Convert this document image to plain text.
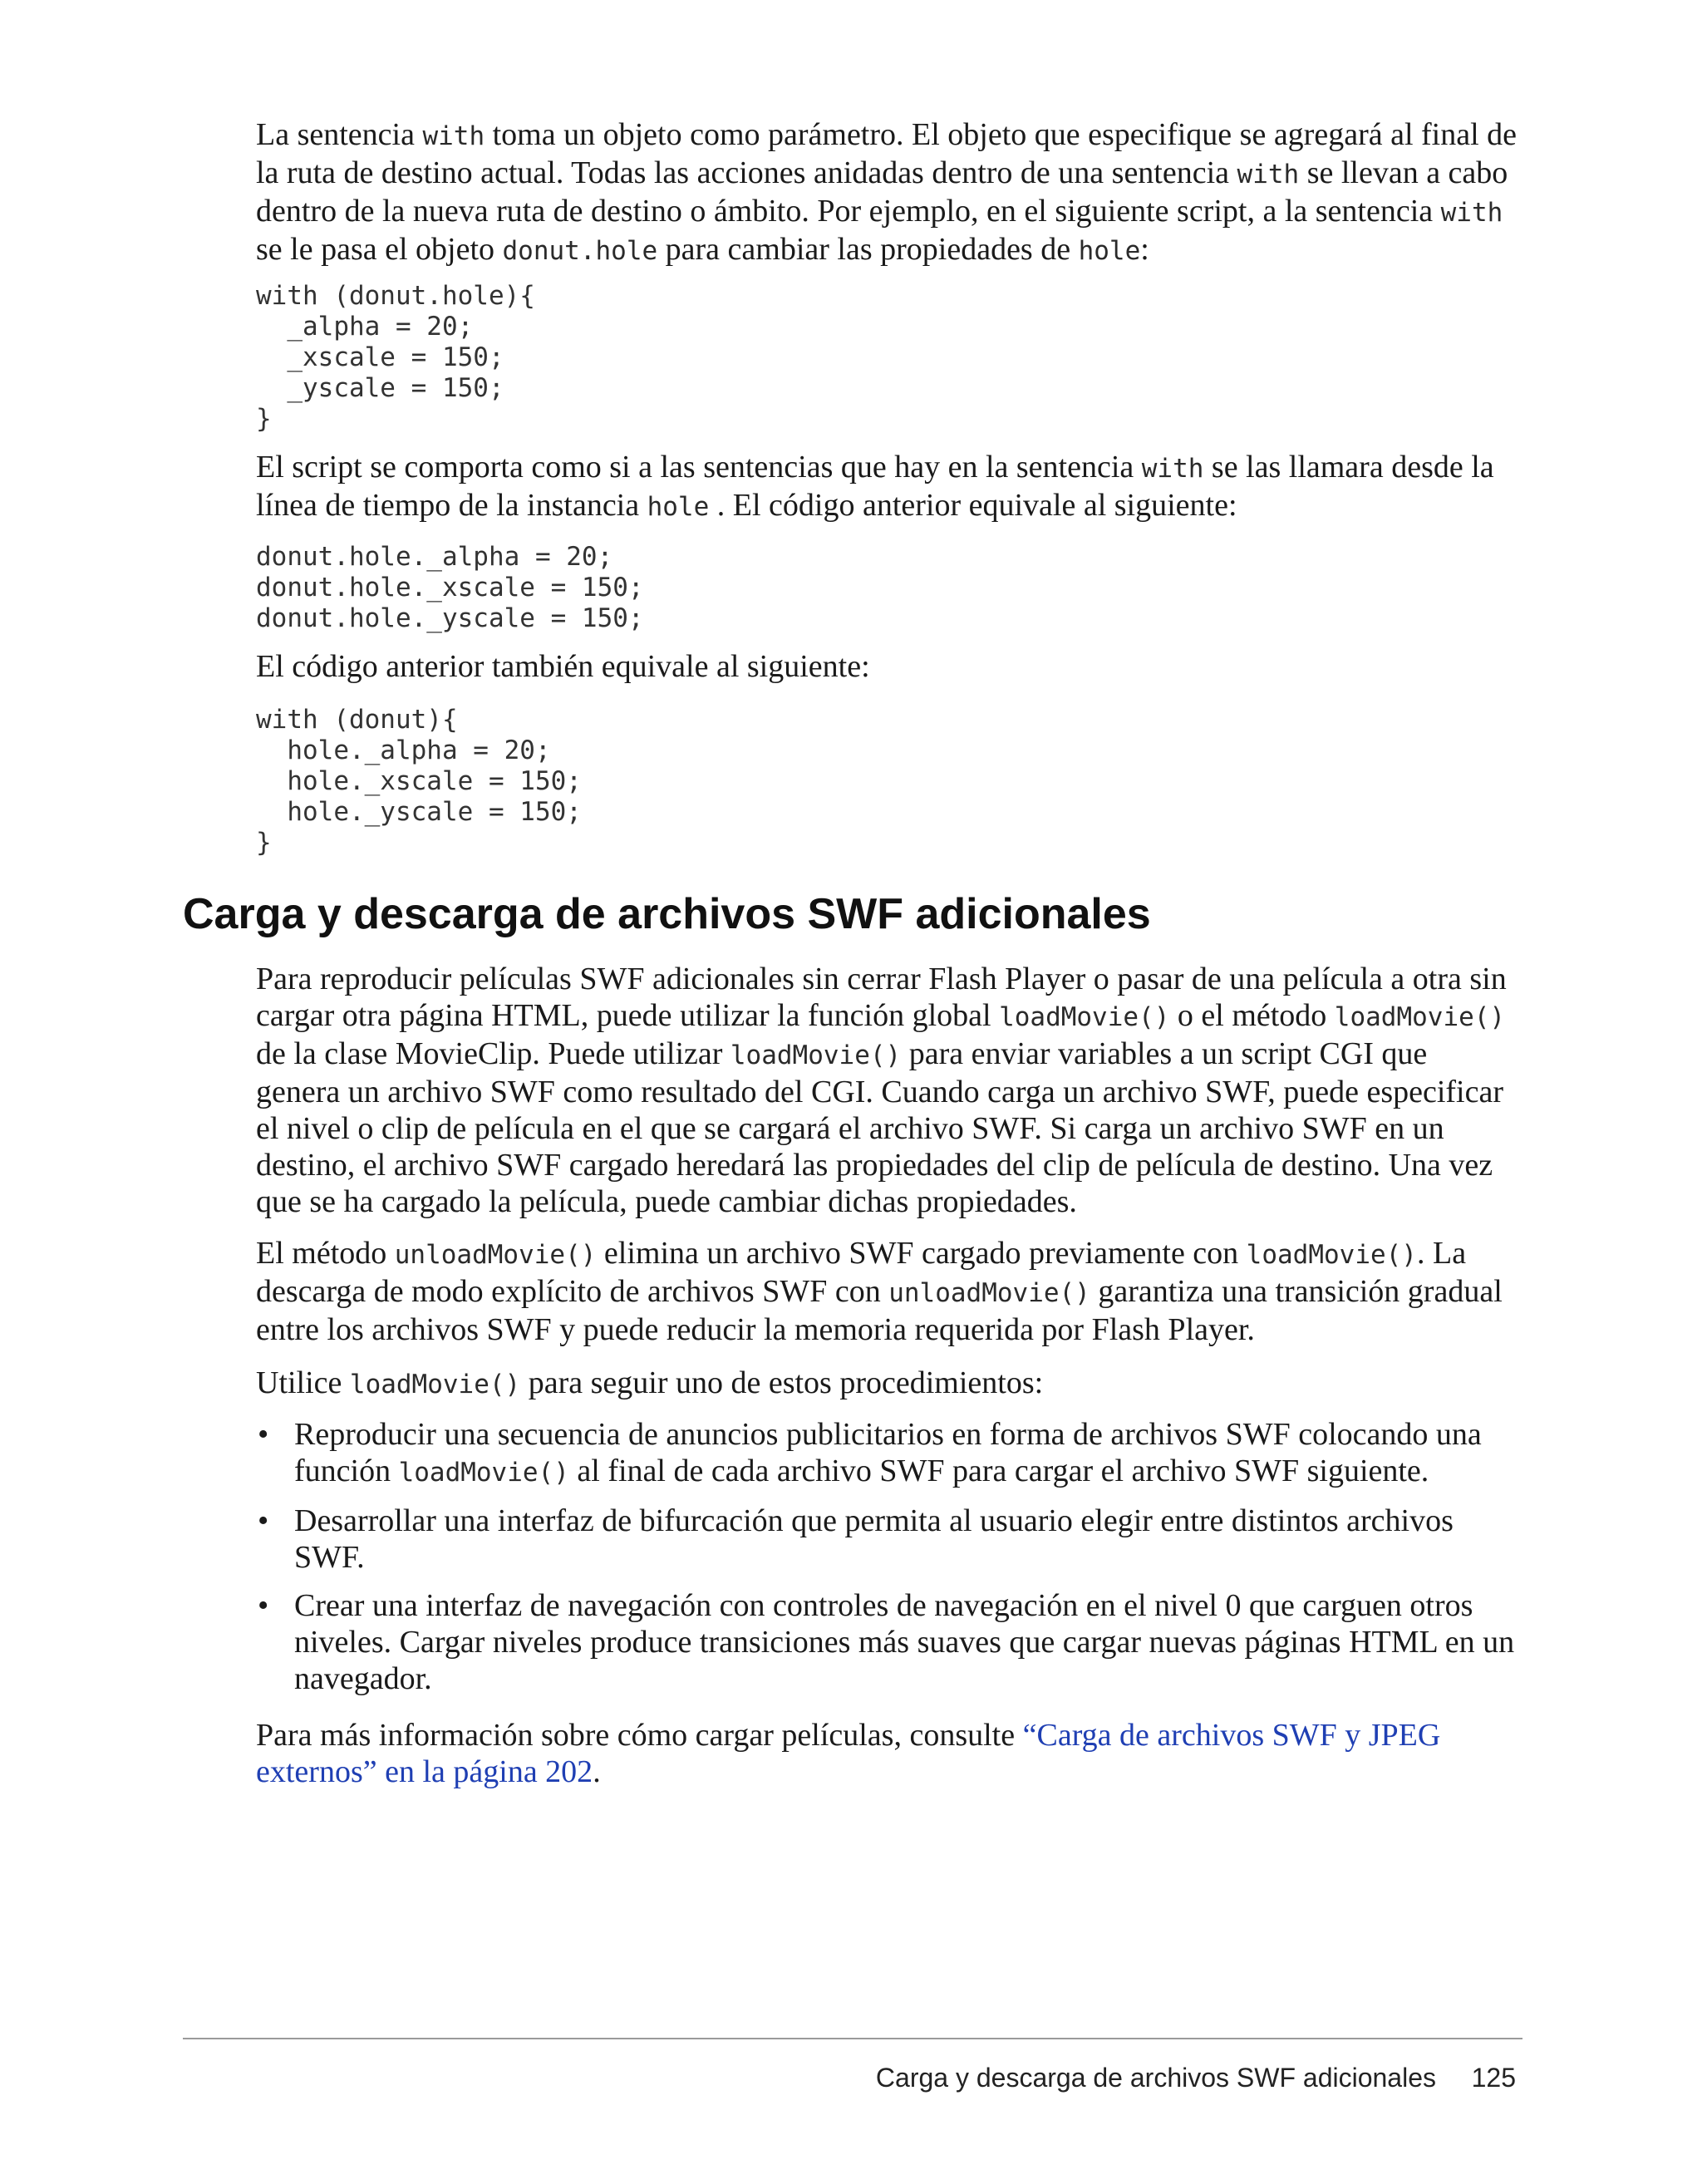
La sentencia with toma un objeto como parámetro. El objeto que especifique se agregará al final de la ruta de destino actual. Todas las acciones anidadas dentro de una sentencia with se llevan a cabo dentro de la nueva ruta de destino o ámbito. Por ejemplo, en el siguiente script, a la sentencia with se le pasa el objeto donut.hole para cambiar las propiedades de hole:

with (donut.hole){
_alpha = 20;
_xscale = 150;
_yscale = 150;
}

El script se comporta como si a las sentencias que hay en la sentencia with se las llamara desde la línea de tiempo de la instancia hole . El código anterior equivale al siguiente:

donut.hole._alpha = 20;
donut.hole._xscale = 150;
donut.hole._yscale = 150;

El código anterior también equivale al siguiente:

with (donut){
hole._alpha = 20;
hole._xscale = 150;
hole._yscale = 150;
}
Carga y descarga de archivos SWF adicionales

Para reproducir películas SWF adicionales sin cerrar Flash Player o pasar de una película a otra sin cargar otra página HTML, puede utilizar la función global loadMovie() o el método loadMovie() de la clase MovieClip. Puede utilizar loadMovie() para enviar variables a un script CGI que genera un archivo SWF como resultado del CGI. Cuando carga un archivo SWF, puede especificar el nivel o clip de película en el que se cargará el archivo SWF. Si carga un archivo SWF en un destino, el archivo SWF cargado heredará las propiedades del clip de película de destino. Una vez que se ha cargado la película, puede cambiar dichas propiedades.

El método unloadMovie() elimina un archivo SWF cargado previamente con loadMovie(). La descarga de modo explícito de archivos SWF con unloadMovie() garantiza una transición gradual entre los archivos SWF y puede reducir la memoria requerida por Flash Player.

Utilice loadMovie() para seguir uno de estos procedimientos:

• Reproducir una secuencia de anuncios publicitarios en forma de archivos SWF colocando una función loadMovie() al final de cada archivo SWF para cargar el archivo SWF siguiente.
• Desarrollar una interfaz de bifurcación que permita al usuario elegir entre distintos archivos SWF.
• Crear una interfaz de navegación con controles de navegación en el nivel 0 que carguen otros niveles. Cargar niveles produce transiciones más suaves que cargar nuevas páginas HTML en un navegador.

Para más información sobre cómo cargar películas, consulte “Carga de archivos SWF y JPEG externos” en la página 202.

Carga y descarga de archivos SWF adicionales 125
